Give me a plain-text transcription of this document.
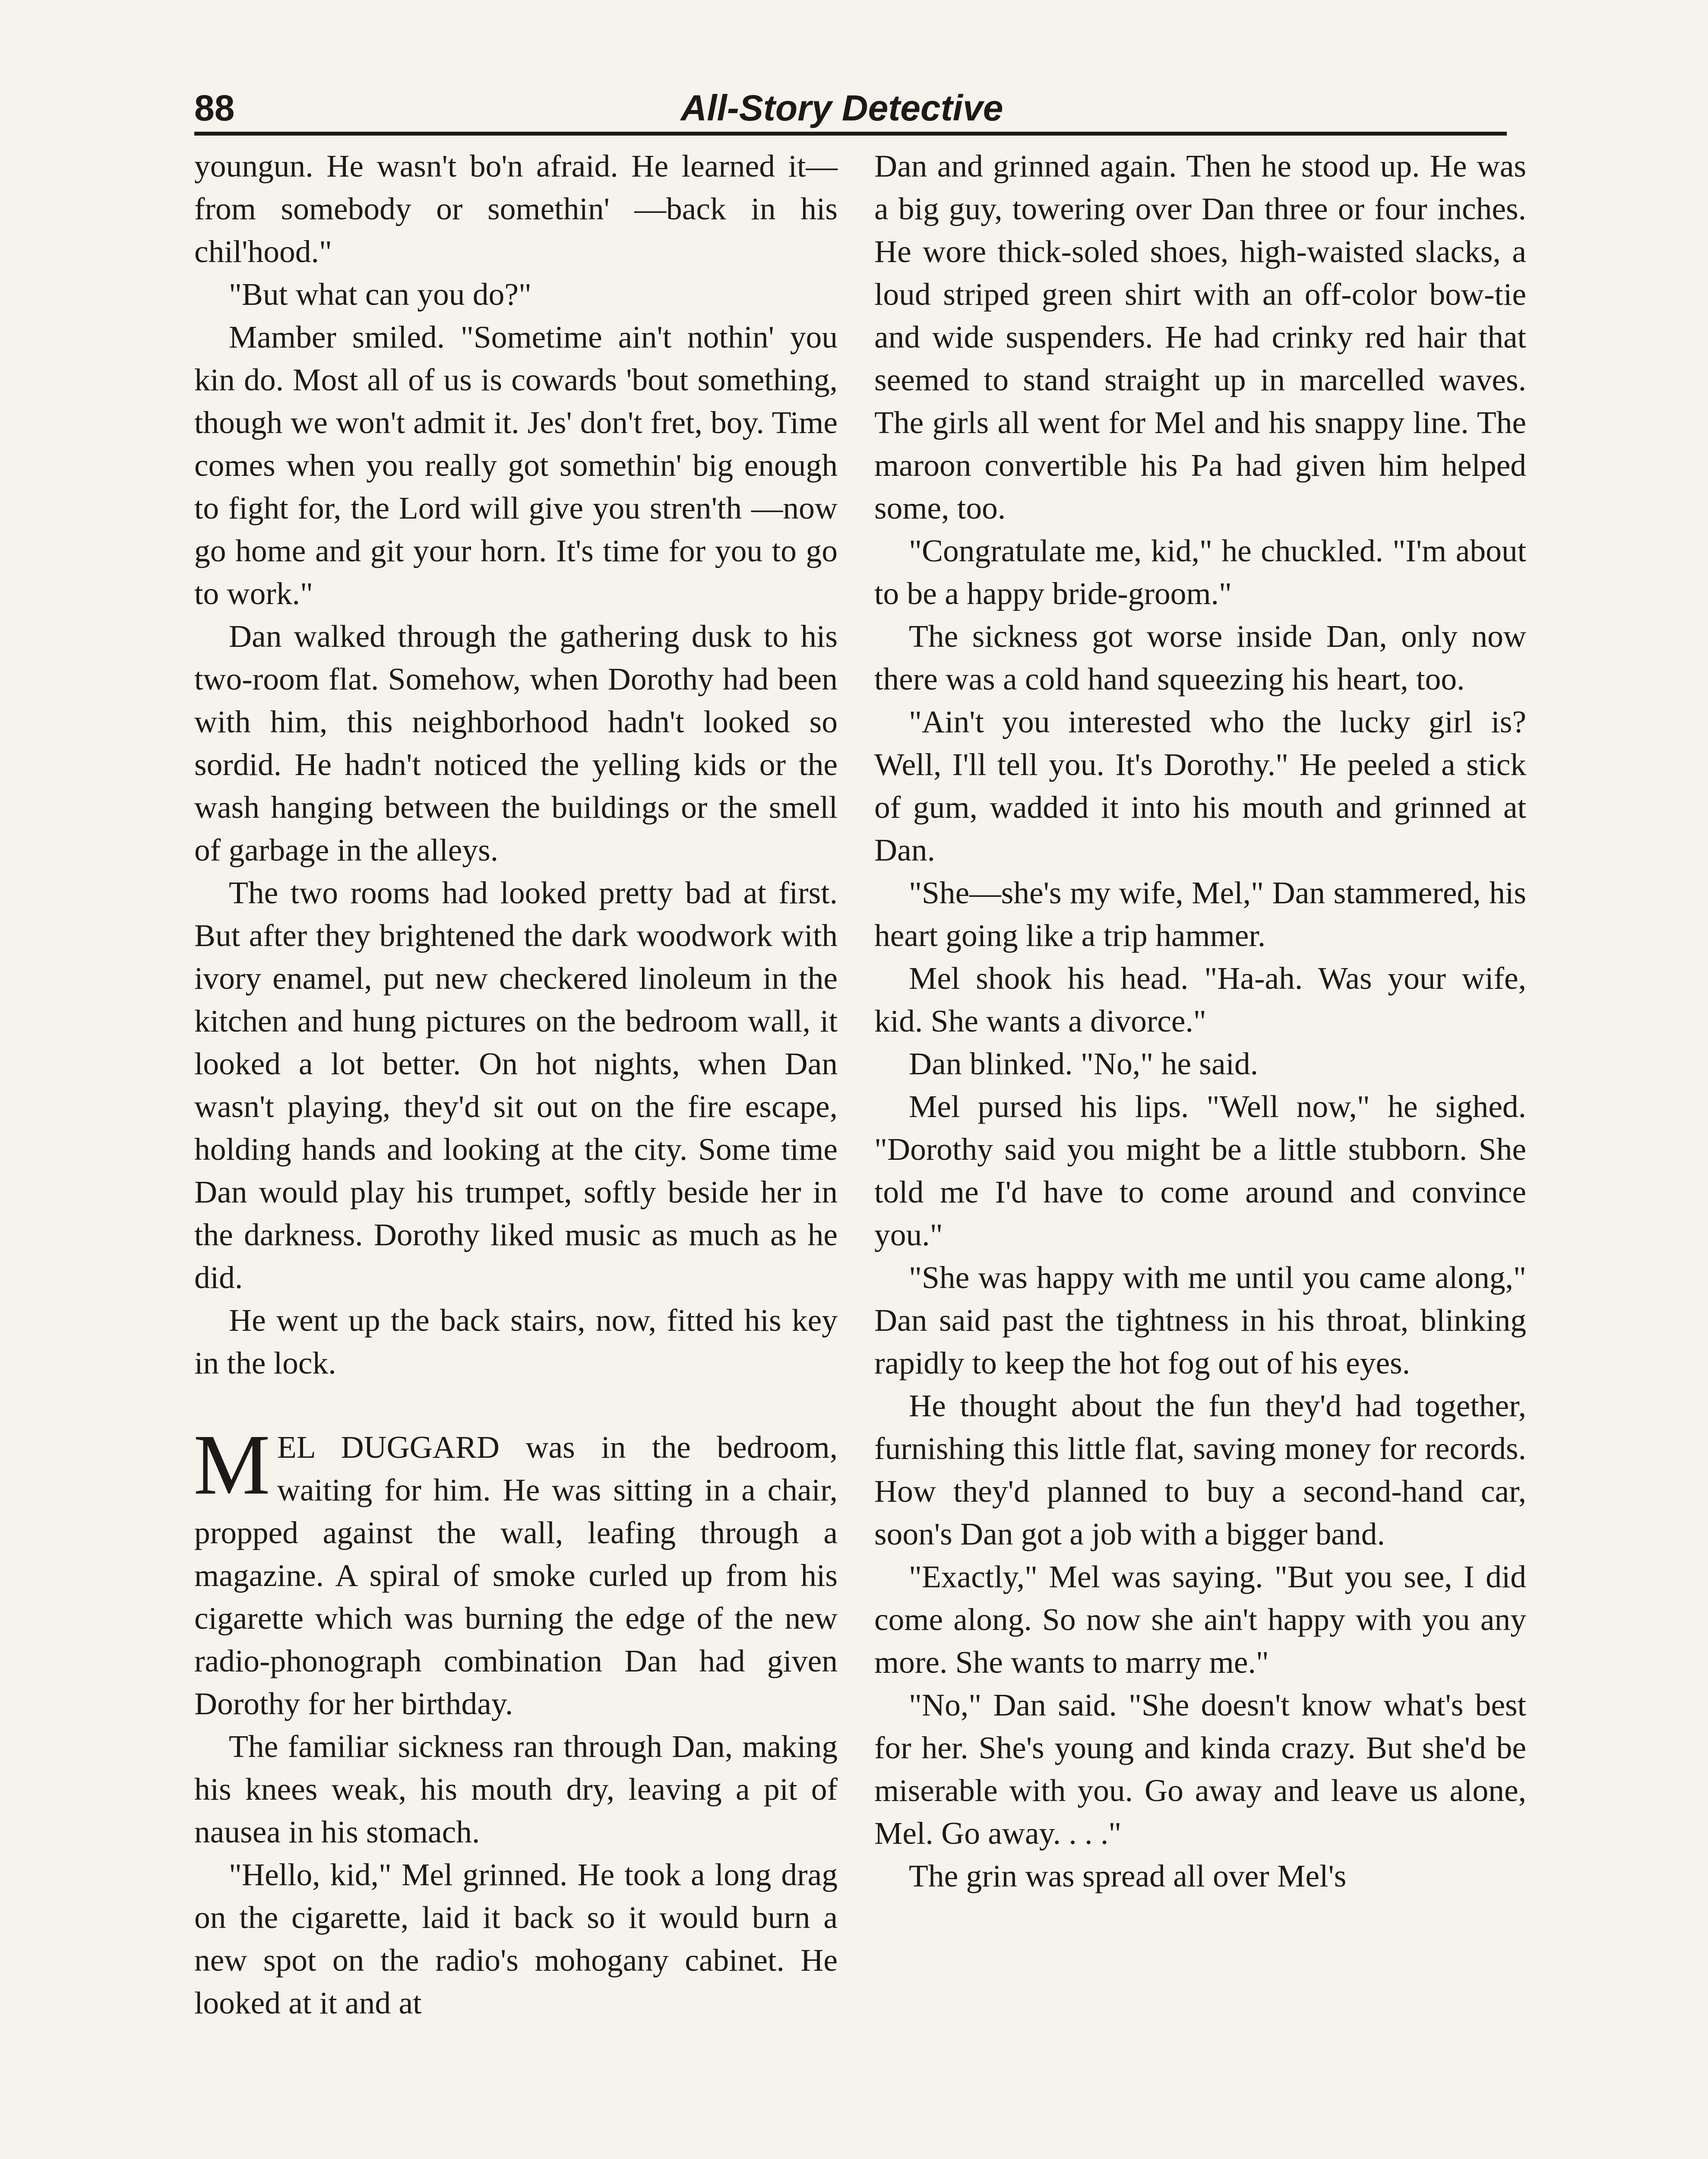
88	All-Story Detective

youngun. He wasn't bo'n afraid. He learned it—from somebody or somethin' —back in his chil'hood."

"But what can you do?"

Mamber smiled. "Sometime ain't nothin' you kin do. Most all of us is cowards 'bout something, though we won't admit it. Jes' don't fret, boy. Time comes when you really got somethin' big enough to fight for, the Lord will give you stren'th —now go home and git your horn. It's time for you to go to work."

Dan walked through the gathering dusk to his two-room flat. Somehow, when Dorothy had been with him, this neighborhood hadn't looked so sordid. He hadn't noticed the yelling kids or the wash hanging between the buildings or the smell of garbage in the alleys.

The two rooms had looked pretty bad at first. But after they brightened the dark woodwork with ivory enamel, put new checkered linoleum in the kitchen and hung pictures on the bedroom wall, it looked a lot better. On hot nights, when Dan wasn't playing, they'd sit out on the fire escape, holding hands and looking at the city. Some time Dan would play his trumpet, softly beside her in the darkness. Dorothy liked music as much as he did.

He went up the back stairs, now, fitted his key in the lock.

MEL DUGGARD was in the bedroom, waiting for him. He was sitting in a chair, propped against the wall, leafing through a magazine. A spiral of smoke curled up from his cigarette which was burning the edge of the new radio-phonograph combination Dan had given Dorothy for her birthday.

The familiar sickness ran through Dan, making his knees weak, his mouth dry, leaving a pit of nausea in his stomach.

"Hello, kid," Mel grinned. He took a long drag on the cigarette, laid it back so it would burn a new spot on the radio's mohogany cabinet. He looked at it and at

Dan and grinned again. Then he stood up. He was a big guy, towering over Dan three or four inches. He wore thick-soled shoes, high-waisted slacks, a loud striped green shirt with an off-color bow-tie and wide suspenders. He had crinky red hair that seemed to stand straight up in marcelled waves. The girls all went for Mel and his snappy line. The maroon convertible his Pa had given him helped some, too.

"Congratulate me, kid," he chuckled. "I'm about to be a happy bride-groom."

The sickness got worse inside Dan, only now there was a cold hand squeezing his heart, too.

"Ain't you interested who the lucky girl is? Well, I'll tell you. It's Dorothy." He peeled a stick of gum, wadded it into his mouth and grinned at Dan.

"She—she's my wife, Mel," Dan stammered, his heart going like a trip hammer.

Mel shook his head. "Ha-ah. Was your wife, kid. She wants a divorce."

Dan blinked. "No," he said.

Mel pursed his lips. "Well now," he sighed. "Dorothy said you might be a little stubborn. She told me I'd have to come around and convince you."

"She was happy with me until you came along," Dan said past the tightness in his throat, blinking rapidly to keep the hot fog out of his eyes.

He thought about the fun they'd had together, furnishing this little flat, saving money for records. How they'd planned to buy a second-hand car, soon's Dan got a job with a bigger band.

"Exactly," Mel was saying. "But you see, I did come along. So now she ain't happy with you any more. She wants to marry me."

"No," Dan said. "She doesn't know what's best for her. She's young and kinda crazy. But she'd be miserable with you. Go away and leave us alone, Mel. Go away. . . ."

The grin was spread all over Mel's
